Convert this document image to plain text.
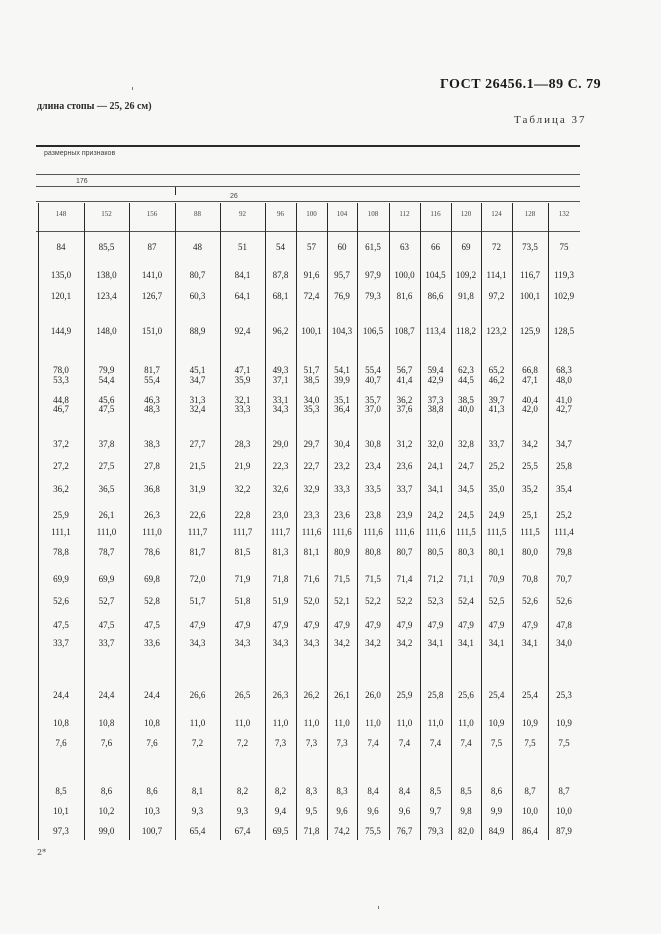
ГОСТ 26456.1—89 С. 79
длина стопы — 25, 26 см)
Таблица 37
размерных признаков
176
26
148	152	156	88	92	96	100	104	108	112	116	120	124	128	132
84	85,5	87	48	51	54	57	60	61,5	63	66	69	72	73,5	75
135,0	138,0	141,0	80,7	84,1	87,8	91,6	95,7	97,9	100,0	104,5	109,2	114,1	116,7	119,3
120,1	123,4	126,7	60,3	64,1	68,1	72,4	76,9	79,3	81,6	86,6	91,8	97,2	100,1	102,9
144,9	148,0	151,0	88,9	92,4	96,2	100,1	104,3	106,5	108,7	113,4	118,2	123,2	125,9	128,5
78,0	79,9	81,7	45,1	47,1	49,3	51,7	54,1	55,4	56,7	59,4	62,3	65,2	66,8	68,3
53,3	54,4	55,4	34,7	35,9	37,1	38,5	39,9	40,7	41,4	42,9	44,5	46,2	47,1	48,0
44,8	45,6	46,3	31,3	32,1	33,1	34,0	35,1	35,7	36,2	37,3	38,5	39,7	40,4	41,0
46,7	47,5	48,3	32,4	33,3	34,3	35,3	36,4	37,0	37,6	38,8	40,0	41,3	42,0	42,7
37,2	37,8	38,3	27,7	28,3	29,0	29,7	30,4	30,8	31,2	32,0	32,8	33,7	34,2	34,7
27,2	27,5	27,8	21,5	21,9	22,3	22,7	23,2	23,4	23,6	24,1	24,7	25,2	25,5	25,8
36,2	36,5	36,8	31,9	32,2	32,6	32,9	33,3	33,5	33,7	34,1	34,5	35,0	35,2	35,4
25,9	26,1	26,3	22,6	22,8	23,0	23,3	23,6	23,8	23,9	24,2	24,5	24,9	25,1	25,2
111,1	111,0	111,0	111,7	111,7	111,7	111,6	111,6	111,6	111,6	111,6	111,5	111,5	111,5	111,4
78,8	78,7	78,6	81,7	81,5	81,3	81,1	80,9	80,8	80,7	80,5	80,3	80,1	80,0	79,8
69,9	69,9	69,8	72,0	71,9	71,8	71,6	71,5	71,5	71,4	71,2	71,1	70,9	70,8	70,7
52,6	52,7	52,8	51,7	51,8	51,9	52,0	52,1	52,2	52,2	52,3	52,4	52,5	52,6	52,6
47,5	47,5	47,5	47,9	47,9	47,9	47,9	47,9	47,9	47,9	47,9	47,9	47,9	47,9	47,8
33,7	33,7	33,6	34,3	34,3	34,3	34,3	34,2	34,2	34,2	34,1	34,1	34,1	34,1	34,0
24,4	24,4	24,4	26,6	26,5	26,3	26,2	26,1	26,0	25,9	25,8	25,6	25,4	25,4	25,3
10,8	10,8	10,8	11,0	11,0	11,0	11,0	11,0	11,0	11,0	11,0	11,0	10,9	10,9	10,9
7,6	7,6	7,6	7,2	7,2	7,3	7,3	7,3	7,4	7,4	7,4	7,4	7,5	7,5	7,5
8,5	8,6	8,6	8,1	8,2	8,2	8,3	8,3	8,4	8,4	8,5	8,5	8,6	8,7	8,7
10,1	10,2	10,3	9,3	9,3	9,4	9,5	9,6	9,6	9,6	9,7	9,8	9,9	10,0	10,0
97,3	99,0	100,7	65,4	67,4	69,5	71,8	74,2	75,5	76,7	79,3	82,0	84,9	86,4	87,9
2*
